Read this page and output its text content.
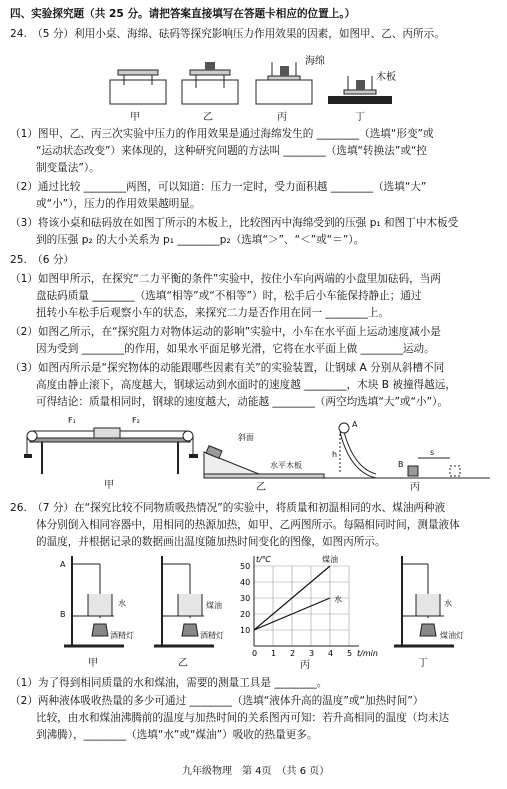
四、实验探究题（共 25 分。请把答案直接填写在答题卡相应的位置上。）
24.　（5 分）利用小桌、海绵、砝码等探究影响压力作用效果的因素，如图甲、乙、丙所示。
甲	乙	丙	丁
海绵
木板
（1）图甲、乙、丙三次实验中压力的作用效果是通过海绵发生的 ________（选填“形变”或
“运动状态改变”）来体现的，这种研究问题的方法叫 ________（选填“转换法”或“控
制变量法”）。
（2）通过比较 ________两图，可以知道：压力一定时，受力面积越 ________（选填“大”
或“小”），压力的作用效果越明显。
（3）将该小桌和砝码放在如图丁所示的木板上，比较图丙中海绵受到的压强 p₁ 和图丁中木板受
到的压强 p₂ 的大小关系为 p₁ ________p₂（选填“＞”、“＜”或“＝”）。
25.　（6 分）
（1）如图甲所示，在探究“二力平衡的条件”实验中，按住小车向两端的小盘里加砝码，当两
盘砝码质量 ________（选填“相等”或“不相等”）时，松手后小车能保持静止；通过
扭转小车松手后观察小车的状态，来探究二力是否作用在同一 ________上。
（2）如图乙所示，在“探究阻力对物体运动的影响”实验中，小车在水平面上运动速度减小是
因为受到 ________的作用，如果水平面足够光滑，它将在水平面上做 ________运动。
（3）如图丙所示是“探究物体的动能跟哪些因素有关”的实验装置，让钢球 A 分别从斜槽不同
高度由静止滚下，高度越大，钢球运动到水面时的速度越 ________，木块 B 被撞得越远，
可得结论：质量相同时，钢球的速度越大，动能越 ________（两空均选填“大”或“小”）。
F₁	F₂
斜面
水平木板
A
h
B
s
甲	乙	丙
26.　（7 分）在“探究比较不同物质吸热情况”的实验中，将质量和初温相同的水、煤油两种液
体分别倒入相同容器中，用相同的热源加热，如甲、乙两图所示。每隔相同时间，测量液体
的温度，并根据记录的数据画出温度随加热时间变化的图像，如图丙所示。
0 1 2 3 4 5
10
20
30
40
50
t/min
t/℃	煤油
水
A
B
水
酒精灯
煤油
酒精灯
水
煤油灯
甲	乙	丙	丁
（1）为了得到相同质量的水和煤油，需要的测量工具是 ________。
（2）两种液体吸收热量的多少可通过 ________（选填“液体升高的温度”或“加热时间”）
比较，由水和煤油沸腾前的温度与加热时间的关系图丙可知：若升高相同的温度（均未达
到沸腾），________（选填“水”或“煤油”）吸收的热量更多。
九年级物理　第 4页　（共 6 页）
